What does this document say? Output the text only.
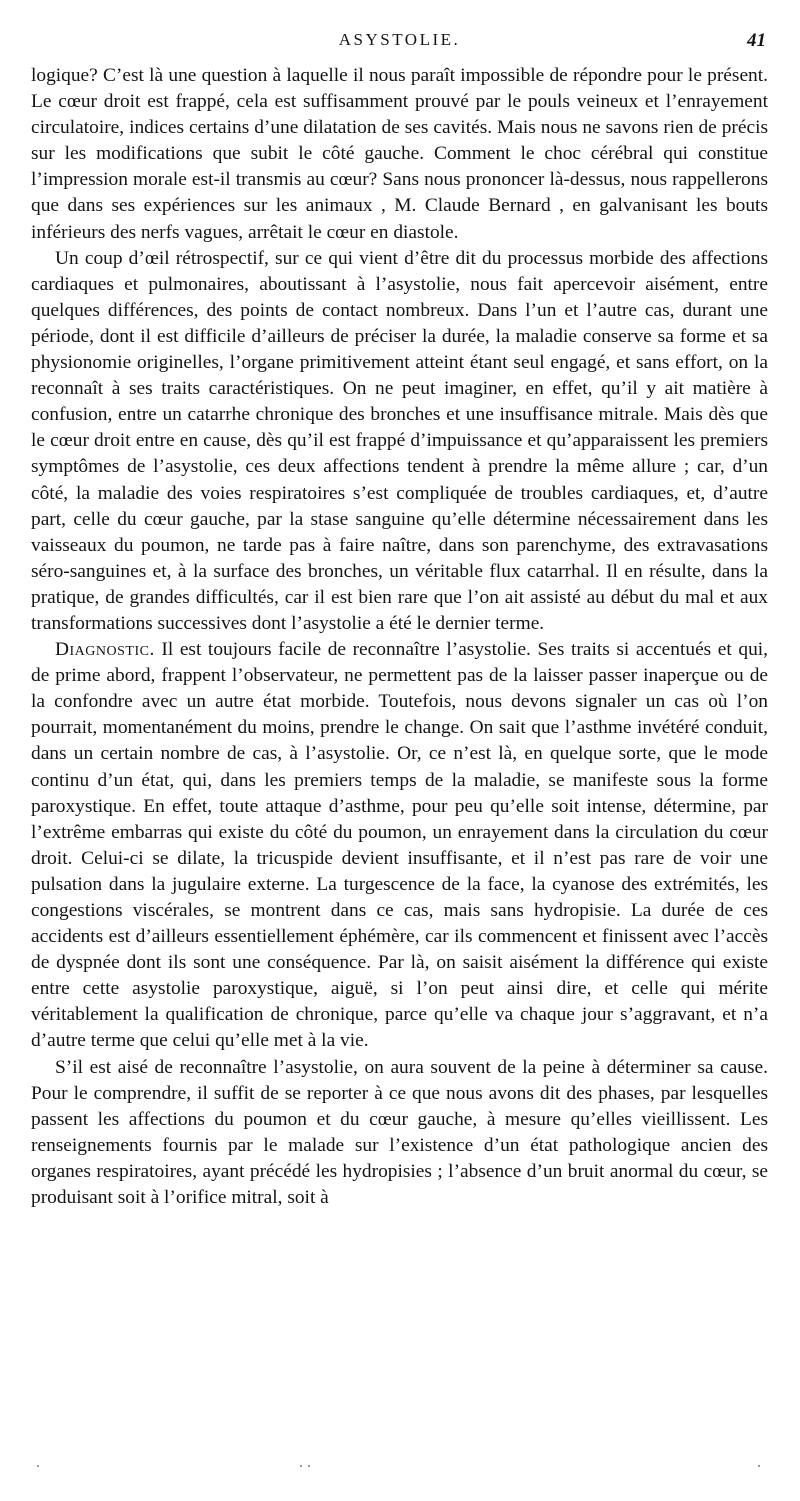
ASYSTOLIE.	41

logique? C’est là une question à laquelle il nous paraît impossible de répondre pour le présent. Le cœur droit est frappé, cela est suffisamment prouvé par le pouls veineux et l’enrayement circulatoire, indices certains d’une dilatation de ses cavités. Mais nous ne savons rien de précis sur les modifications que subit le côté gauche. Comment le choc cérébral qui constitue l’impression morale est-il transmis au cœur? Sans nous prononcer là-dessus, nous rappellerons que dans ses expériences sur les animaux , M. Claude Bernard , en galvanisant les bouts inférieurs des nerfs vagues, arrêtait le cœur en diastole.

Un coup d’œil rétrospectif, sur ce qui vient d’être dit du processus morbide des affections cardiaques et pulmonaires, aboutissant à l’asystolie, nous fait apercevoir aisément, entre quelques différences, des points de contact nombreux. Dans l’un et l’autre cas, durant une période, dont il est difficile d’ailleurs de préciser la durée, la maladie conserve sa forme et sa physionomie originelles, l’organe primitivement atteint étant seul engagé, et sans effort, on la reconnaît à ses traits caractéristiques. On ne peut imaginer, en effet, qu’il y ait matière à confusion, entre un catarrhe chronique des bronches et une insuffisance mitrale. Mais dès que le cœur droit entre en cause, dès qu’il est frappé d’impuissance et qu’apparaissent les premiers symptômes de l’asystolie, ces deux affections tendent à prendre la même allure ; car, d’un côté, la maladie des voies respiratoires s’est compliquée de troubles cardiaques, et, d’autre part, celle du cœur gauche, par la stase sanguine qu’elle détermine nécessairement dans les vaisseaux du poumon, ne tarde pas à faire naître, dans son parenchyme, des extravasations séro-sanguines et, à la surface des bronches, un véritable flux catarrhal. Il en résulte, dans la pratique, de grandes difficultés, car il est bien rare que l’on ait assisté au début du mal et aux transformations successives dont l’asystolie a été le dernier terme.

Diagnostic. Il est toujours facile de reconnaître l’asystolie. Ses traits si accentués et qui, de prime abord, frappent l’observateur, ne permettent pas de la laisser passer inaperçue ou de la confondre avec un autre état morbide. Toutefois, nous devons signaler un cas où l’on pourrait, momentanément du moins, prendre le change. On sait que l’asthme invétéré conduit, dans un certain nombre de cas, à l’asystolie. Or, ce n’est là, en quelque sorte, que le mode continu d’un état, qui, dans les premiers temps de la maladie, se manifeste sous la forme paroxystique. En effet, toute attaque d’asthme, pour peu qu’elle soit intense, détermine, par l’extrême embarras qui existe du côté du poumon, un enrayement dans la circulation du cœur droit. Celui-ci se dilate, la tricuspide devient insuffisante, et il n’est pas rare de voir une pulsation dans la jugulaire externe. La turgescence de la face, la cyanose des extrémités, les congestions viscérales, se montrent dans ce cas, mais sans hydropisie. La durée de ces accidents est d’ailleurs essentiellement éphémère, car ils commencent et finissent avec l’accès de dyspnée dont ils sont une conséquence. Par là, on saisit aisément la différence qui existe entre cette asystolie paroxystique, aiguë, si l’on peut ainsi dire, et celle qui mérite véritablement la qualification de chronique, parce qu’elle va chaque jour s’aggravant, et n’a d’autre terme que celui qu’elle met à la vie.

S’il est aisé de reconnaître l’asystolie, on aura souvent de la peine à déterminer sa cause. Pour le comprendre, il suffit de se reporter à ce que nous avons dit des phases, par lesquelles passent les affections du poumon et du cœur gauche, à mesure qu’elles vieillissent. Les renseignements fournis par le malade sur l’existence d’un état pathologique ancien des organes respiratoires, ayant précédé les hydropisies ; l’absence d’un bruit anormal du cœur, se produisant soit à l’orifice mitral, soit à
